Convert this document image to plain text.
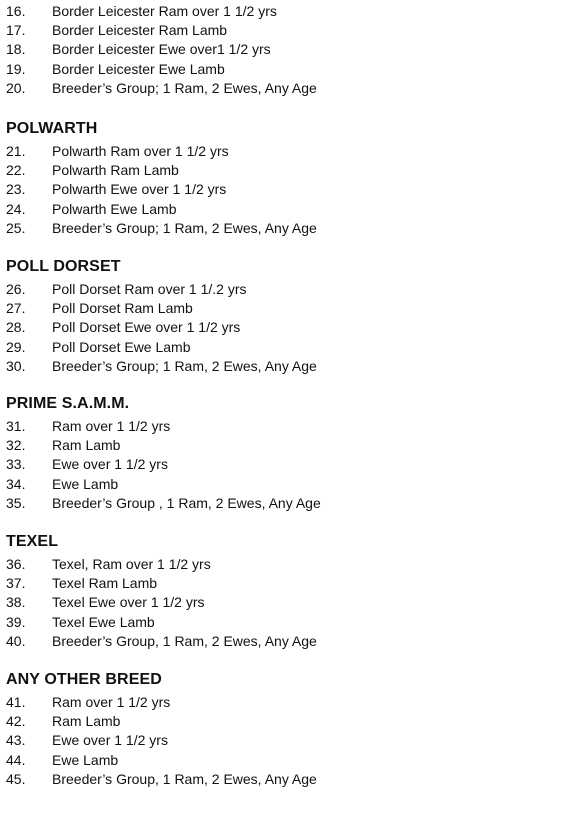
16.	Border Leicester Ram over 1 1/2 yrs
17.	Border Leicester Ram Lamb
18.	Border Leicester Ewe over1 1/2 yrs
19.	Border Leicester Ewe Lamb
20.	Breeder’s Group; 1 Ram, 2 Ewes, Any Age
POLWARTH
21.	Polwarth Ram over 1 1/2 yrs
22.	Polwarth Ram Lamb
23.	Polwarth Ewe over 1 1/2 yrs
24.	Polwarth Ewe Lamb
25.	Breeder’s Group; 1 Ram, 2 Ewes, Any Age
POLL DORSET
26.	Poll Dorset Ram over 1 1/.2 yrs
27.	Poll Dorset Ram Lamb
28.	Poll Dorset Ewe over 1 1/2 yrs
29.	Poll Dorset Ewe Lamb
30.	Breeder’s Group; 1 Ram, 2 Ewes, Any Age
PRIME S.A.M.M.
31.	Ram over 1 1/2 yrs
32.	Ram Lamb
33.	Ewe over 1 1/2 yrs
34.	Ewe Lamb
35.	Breeder’s Group , 1 Ram, 2 Ewes, Any Age
TEXEL
36.	Texel, Ram over 1 1/2 yrs
37.	Texel Ram Lamb
38.	Texel Ewe over 1 1/2 yrs
39.	Texel Ewe Lamb
40.	Breeder’s Group, 1 Ram, 2 Ewes, Any Age
ANY OTHER BREED
41.	Ram over 1 1/2 yrs
42.	Ram Lamb
43.	Ewe over 1 1/2 yrs
44.	Ewe Lamb
45.	Breeder’s Group, 1 Ram, 2 Ewes, Any Age
